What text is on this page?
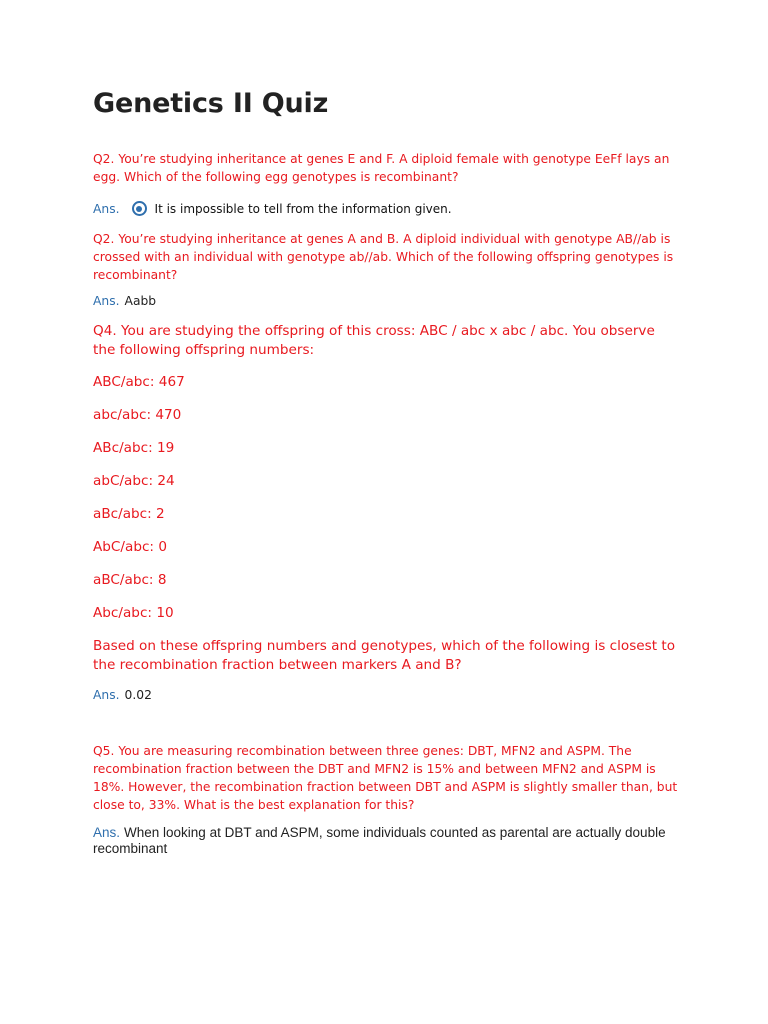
Genetics II Quiz

Q2. You’re studying inheritance at genes E and F. A diploid female with genotype EeFf lays an egg. Which of the following egg genotypes is recombinant?

Ans.	It is impossible to tell from the information given.

Q2. You’re studying inheritance at genes A and B. A diploid individual with genotype AB//ab is crossed with an individual with genotype ab//ab. Which of the following offspring genotypes is recombinant?

Ans. Aabb

Q4. You are studying the offspring of this cross: ABC / abc x abc / abc. You observe the following offspring numbers:

ABC/abc: 467

abc/abc: 470

ABc/abc: 19

abC/abc: 24

aBc/abc: 2

AbC/abc: 0

aBC/abc: 8

Abc/abc: 10

Based on these offspring numbers and genotypes, which of the following is closest to the recombination fraction between markers A and B?

Ans. 0.02

Q5. You are measuring recombination between three genes: DBT, MFN2 and ASPM. The recombination fraction between the DBT and MFN2 is 15% and between MFN2 and ASPM is 18%. However, the recombination fraction between DBT and ASPM is slightly smaller than, but close to, 33%. What is the best explanation for this?

Ans. When looking at DBT and ASPM, some individuals counted as parental are actually double recombinant
